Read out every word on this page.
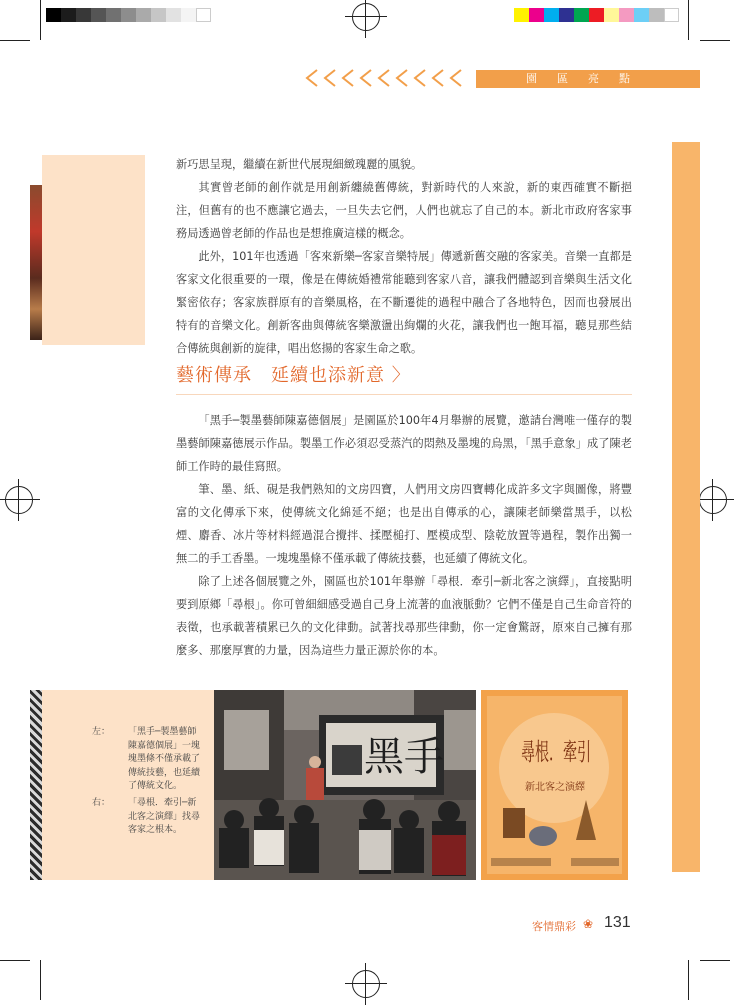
園區亮點

新巧思呈現，繼續在新世代展現細緻瑰麗的風貌。

其實曾老師的創作就是用創新纏繞舊傳統，對新時代的人來說，新的東西確實不斷挹注，但舊有的也不應讓它過去，一旦失去它們，人們也就忘了自己的本。新北市政府客家事務局透過曾老師的作品也是想推廣這樣的概念。

此外，101年也透過「客來新樂─客家音樂特展」傳遞新舊交融的客家美。音樂一直都是客家文化很重要的一環，像是在傳統婚禮常能聽到客家八音，讓我們體認到音樂與生活文化緊密依存；客家族群原有的音樂風格，在不斷遷徙的過程中融合了各地特色，因而也發展出特有的音樂文化。創新客曲與傳統客樂激盪出絢爛的火花，讓我們也一飽耳福，聽見那些結合傳統與創新的旋律，唱出悠揚的客家生命之歌。

藝術傳承　延續也添新意 〉

「黑手─製墨藝師陳嘉德個展」是園區於100年4月舉辦的展覽，邀請台灣唯一僅存的製墨藝師陳嘉德展示作品。製墨工作必須忍受蒸汽的悶熱及墨塊的烏黑，「黑手意象」成了陳老師工作時的最佳寫照。

筆、墨、紙、硯是我們熟知的文房四寶，人們用文房四寶轉化成許多文字與圖像，將豐富的文化傳承下來，使傳統文化綿延不絕；也是出自傳承的心，讓陳老師樂當黑手，以松煙、麝香、冰片等材料經過混合攪拌、揉壓槌打、壓模成型、陰乾放置等過程，製作出獨一無二的手工香墨。一塊塊墨條不僅承載了傳統技藝，也延續了傳統文化。

除了上述各個展覽之外，園區也於101年舉辦「尋根．牽引─新北客之演繹」，直接點明要到原鄉「尋根」。你可曾細細感受過自己身上流著的血液脈動？它們不僅是自己生命音符的表徵，也承載著積累已久的文化律動。試著找尋那些律動，你一定會驚訝，原來自己擁有那麼多、那麼厚實的力量，因為這些力量正源於你的本。

左：	「黑手─製墨藝師陳嘉德個展」一塊塊墨條不僅承載了傳統技藝，也延續了傳統文化。
右：	「尋根．牽引─新北客之演繹」找尋客家之根本。
黑手	尋根．牽引
新北客之演繹
客情鼎彩 ❀ 131
